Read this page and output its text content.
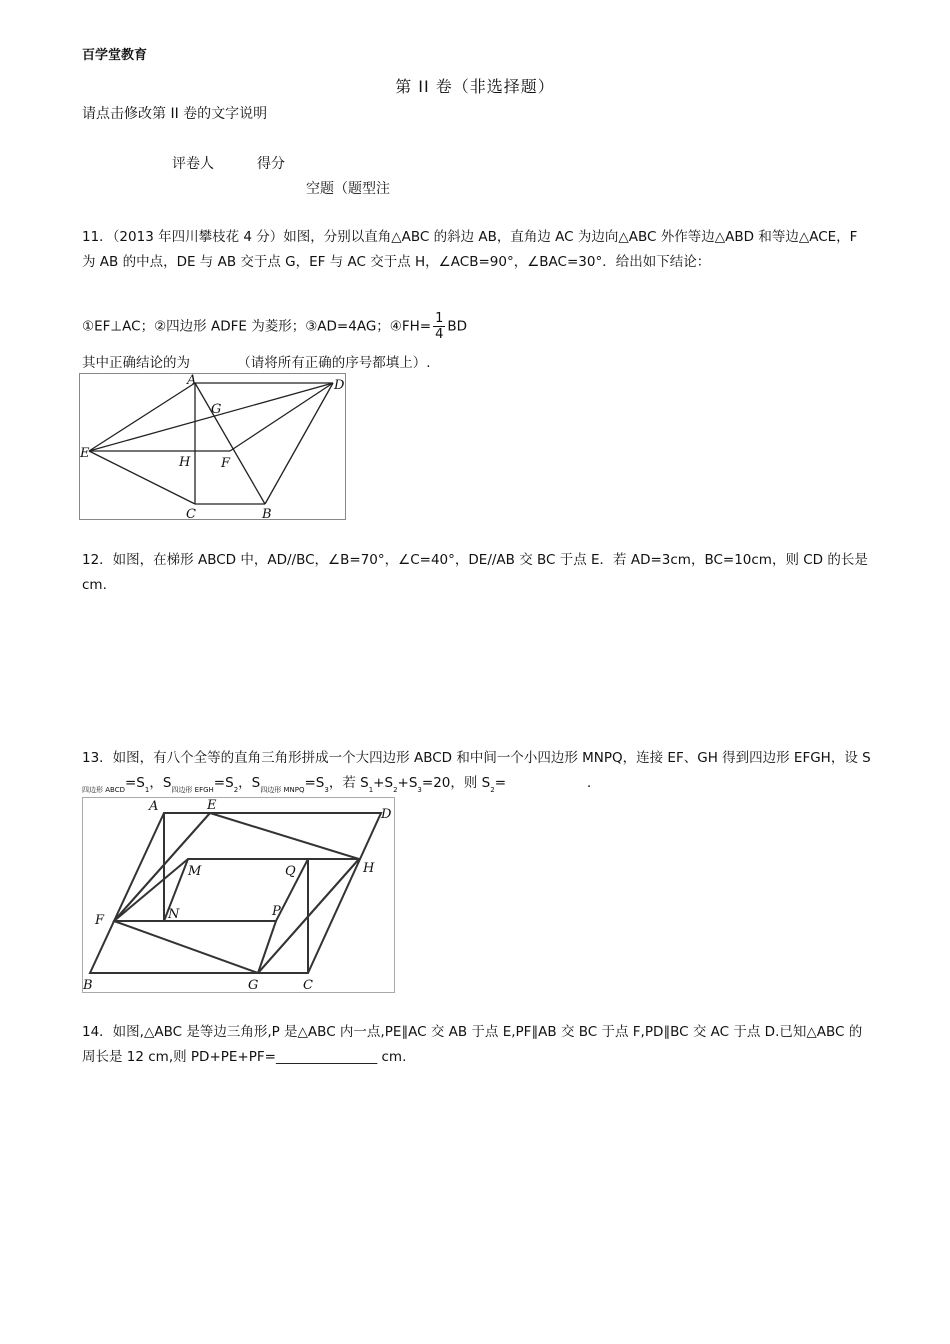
百学堂教育
第 II 卷（非选择题）
请点击修改第 II 卷的文字说明
评卷人	得分
空题（题型注
11．（2013 年四川攀枝花 4 分）如图，分别以直角△ABC 的斜边 AB，直角边 AC 为边向△ABC 外作等边△ABD 和等边△ACE，F 为 AB 的中点，DE 与 AB 交于点 G，EF 与 AC 交于点 H，∠ACB=90°，∠BAC=30°．给出如下结论：
①EF⊥AC；②四边形 ADFE 为菱形；③AD=4AG；④FH= $\frac{1}{4}$ BD
其中正确结论的为　　　　（请将所有正确的序号都填上）.
A	D
G
E
H F
C	B
12．如图，在梯形 ABCD 中，AD//BC，∠B=70°，∠C=40°，DE//AB 交 BC 于点 E．若 AD=3cm，BC=10cm，则 CD 的长是　　　　　cm.
13．如图，有八个全等的直角三角形拼成一个大四边形 ABCD 和中间一个小四边形 MNPQ，连接 EF、GH 得到四边形 EFGH，设 $S_{四边形 ABCD}=S_1$，$S_{四边形 EFGH}=S_2$，$S_{四边形 MNPQ}=S_3$，若 $S_1+S_2+S_3=20$，则 $S_2=$　　　　　　．
A	E
D
M	Q	H
F	N	P
B	G	C
14．如图,△ABC 是等边三角形,P 是△ABC 内一点,PE∥AC 交 AB 于点 E,PF∥AB 交 BC 于点 F,PD∥BC 交 AC 于点 D.已知△ABC 的周长是 12 cm,则 PD+PE+PF=_______________ cm.
